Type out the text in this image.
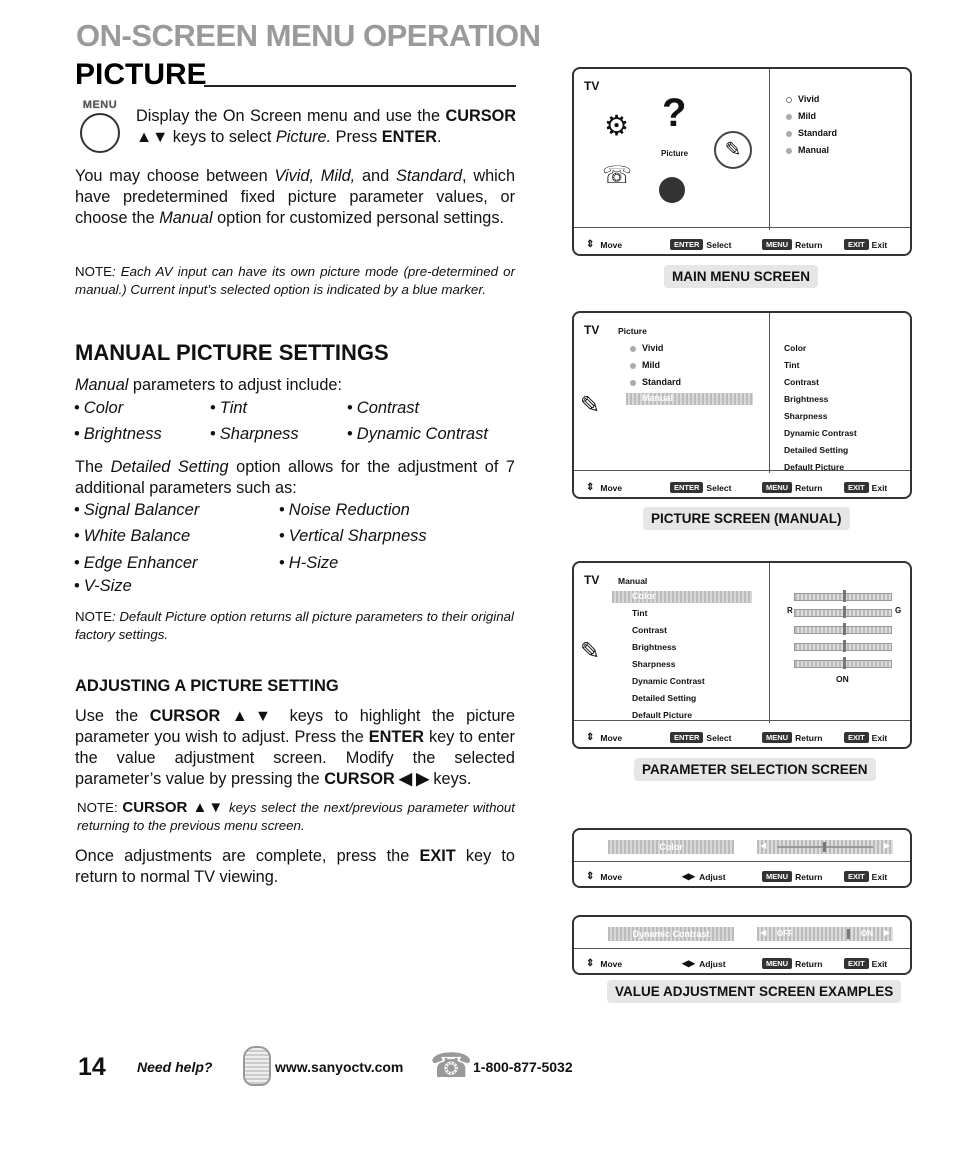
ON-SCREEN MENU OPERATION
PICTURE
MENU
Display the On Screen menu and use the CURSOR ▲▼ keys to select Picture. Press ENTER.
You may choose between Vivid, Mild, and Standard, which have predetermined fixed picture parameter values, or choose the Manual option for customized personal settings.
NOTE: Each AV input can have its own picture mode (pre-determined or manual.) Current input’s selected option is indicated by a blue marker.
MANUAL PICTURE SETTINGS
Manual parameters to adjust include:
• Color	• Tint	• Contrast
• Brightness	• Sharpness	• Dynamic Contrast
The Detailed Setting option allows for the adjustment of 7 additional parameters such as:
• Signal Balancer	• Noise Reduction
• White Balance	• Vertical Sharpness
• Edge Enhancer	• H-Size
• V-Size
NOTE: Default Picture option returns all picture parameters to their original factory settings.
ADJUSTING A PICTURE SETTING
Use the CURSOR ▲▼ keys to highlight the picture parameter you wish to adjust. Press the ENTER key to enter the value adjustment screen. Modify the selected parameter’s value by pressing the CURSOR ◀ ▶ keys.
NOTE: CURSOR ▲▼ keys select the next/previous parameter without returning to the previous menu screen.
Once adjustments are complete, press the EXIT key to return to normal TV viewing.
TV
⚙ ?
Picture	✎
☏
Vivid
Mild
Standard
Manual
⇕ Move	ENTER Select	MENU Return	EXIT Exit
MAIN MENU SCREEN
TV Picture
Vivid
Mild
Standard
Manual
✎
Color
Tint
Contrast
Brightness
Sharpness
Dynamic Contrast
Detailed Setting
Default Picture
⇕ Move	ENTER Select	MENU Return	EXIT Exit
PICTURE SCREEN (MANUAL)
TV Manual
Color
Tint
Contrast
Brightness
Sharpness
Dynamic Contrast
Detailed Setting
Default Picture
✎
R	G
ON
⇕ Move	ENTER Select	MENU Return	EXIT Exit
PARAMETER SELECTION SCREEN
Color	◀	▶
⇕ Move	◀▶ Adjust	MENU Return	EXIT Exit
Dynamic Contrast	◀ OFF	ON ▶
⇕ Move	◀▶ Adjust	MENU Return	EXIT Exit
VALUE ADJUSTMENT SCREEN EXAMPLES
14 Need help?	www.sanyoctv.com ☎ 1-800-877-5032
